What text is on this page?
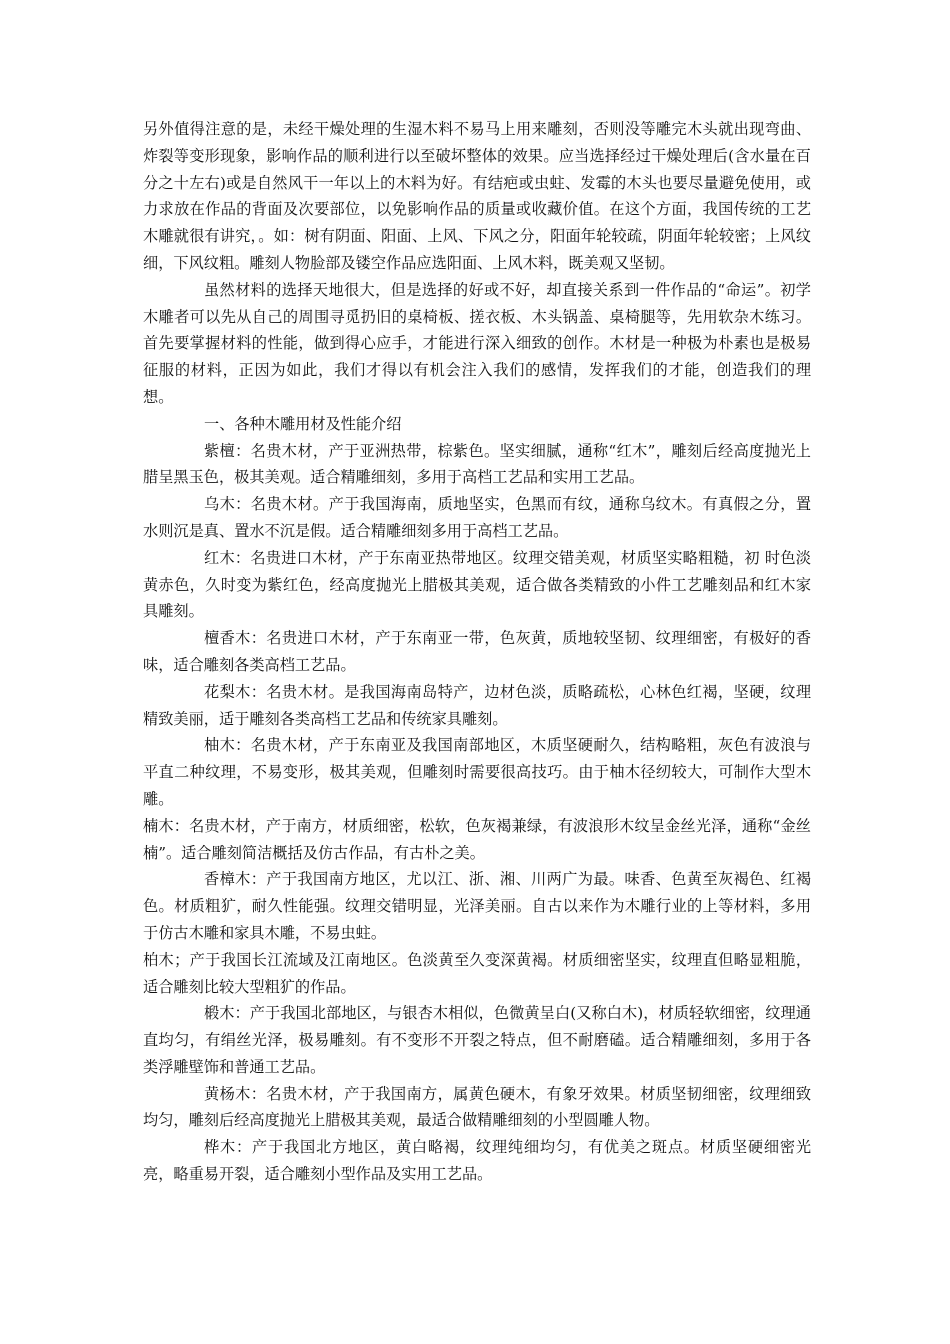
另外值得注意的是，未经干燥处理的生湿木料不易马上用来雕刻，否则没等雕完木头就出现弯曲、炸裂等变形现象，影响作品的顺利进行以至破坏整体的效果。应当选择经过干燥处理后(含水量在百分之十左右)或是自然风干一年以上的木料为好。有结疤或虫蛀、发霉的木头也要尽量避免使用，或力求放在作品的背面及次要部位，以免影响作品的质量或收藏价值。在这个方面，我国传统的工艺木雕就很有讲究，。如：树有阴面、阳面、上风、下风之分，阳面年轮较疏，阴面年轮较密；上风纹细，下风纹粗。雕刻人物脸部及镂空作品应选阳面、上风木料，既美观又坚韧。

虽然材料的选择天地很大，但是选择的好或不好，却直接关系到一件作品的“命运”。初学木雕者可以先从自己的周围寻觅扔旧的桌椅板、搓衣板、木头锅盖、桌椅腿等，先用软杂木练习。首先要掌握材料的性能，做到得心应手，才能进行深入细致的创作。木材是一种极为朴素也是极易征服的材料，正因为如此，我们才得以有机会注入我们的感情，发挥我们的才能，创造我们的理想。

一、各种木雕用材及性能介绍

紫檀：名贵木材，产于亚洲热带，棕紫色。坚实细腻，通称“红木”，雕刻后经高度抛光上腊呈黑玉色，极其美观。适合精雕细刻，多用于高档工艺品和实用工艺品。

乌木：名贵木材。产于我国海南，质地坚实，色黑而有纹，通称乌纹木。有真假之分，置水则沉是真、置水不沉是假。适合精雕细刻多用于高档工艺品。

红木：名贵进口木材，产于东南亚热带地区。纹理交错美观，材质坚实略粗糙，初 时色淡黄赤色，久时变为紫红色，经高度抛光上腊极其美观，适合做各类精致的小件工艺雕刻品和红木家具雕刻。

檀香木：名贵进口木材，产于东南亚一带，色灰黄，质地较坚韧、纹理细密，有极好的香味，适合雕刻各类高档工艺品。

花梨木：名贵木材。是我国海南岛特产，边材色淡，质略疏松，心林色红褐，坚硬，纹理精致美丽，适于雕刻各类高档工艺品和传统家具雕刻。

柚木：名贵木材，产于东南亚及我国南部地区，木质坚硬耐久，结构略粗，灰色有波浪与平直二种纹理，不易变形，极其美观，但雕刻时需要很高技巧。由于柚木径纫较大，可制作大型木雕。

楠木：名贵木材，产于南方，材质细密，松软，色灰褐兼绿，有波浪形木纹呈金丝光泽，通称“金丝楠”。适合雕刻简洁概括及仿古作品，有古朴之美。

香樟木：产于我国南方地区，尤以江、浙、湘、川两广为最。味香、色黄至灰褐色、红褐色。材质粗犷，耐久性能强。纹理交错明显，光泽美丽。自古以来作为木雕行业的上等材料，多用于仿古木雕和家具木雕，不易虫蛀。

柏木；产于我国长江流域及江南地区。色淡黄至久变深黄褐。材质细密坚实，纹理直但略显粗脆，适合雕刻比较大型粗犷的作品。

椴木：产于我国北部地区，与银杏木相似，色微黄呈白(又称白木)，材质轻软细密，纹理通直均匀，有绢丝光泽，极易雕刻。有不变形不开裂之特点，但不耐磨磕。适合精雕细刻，多用于各类浮雕壁饰和普通工艺品。

黄杨木：名贵木材，产于我国南方，属黄色硬木，有象牙效果。材质坚韧细密，纹理细致均匀，雕刻后经高度抛光上腊极其美观，最适合做精雕细刻的小型圆雕人物。

桦木：产于我国北方地区，黄白略褐，纹理纯细均匀，有优美之斑点。材质坚硬细密光亮，略重易开裂，适合雕刻小型作品及实用工艺品。
